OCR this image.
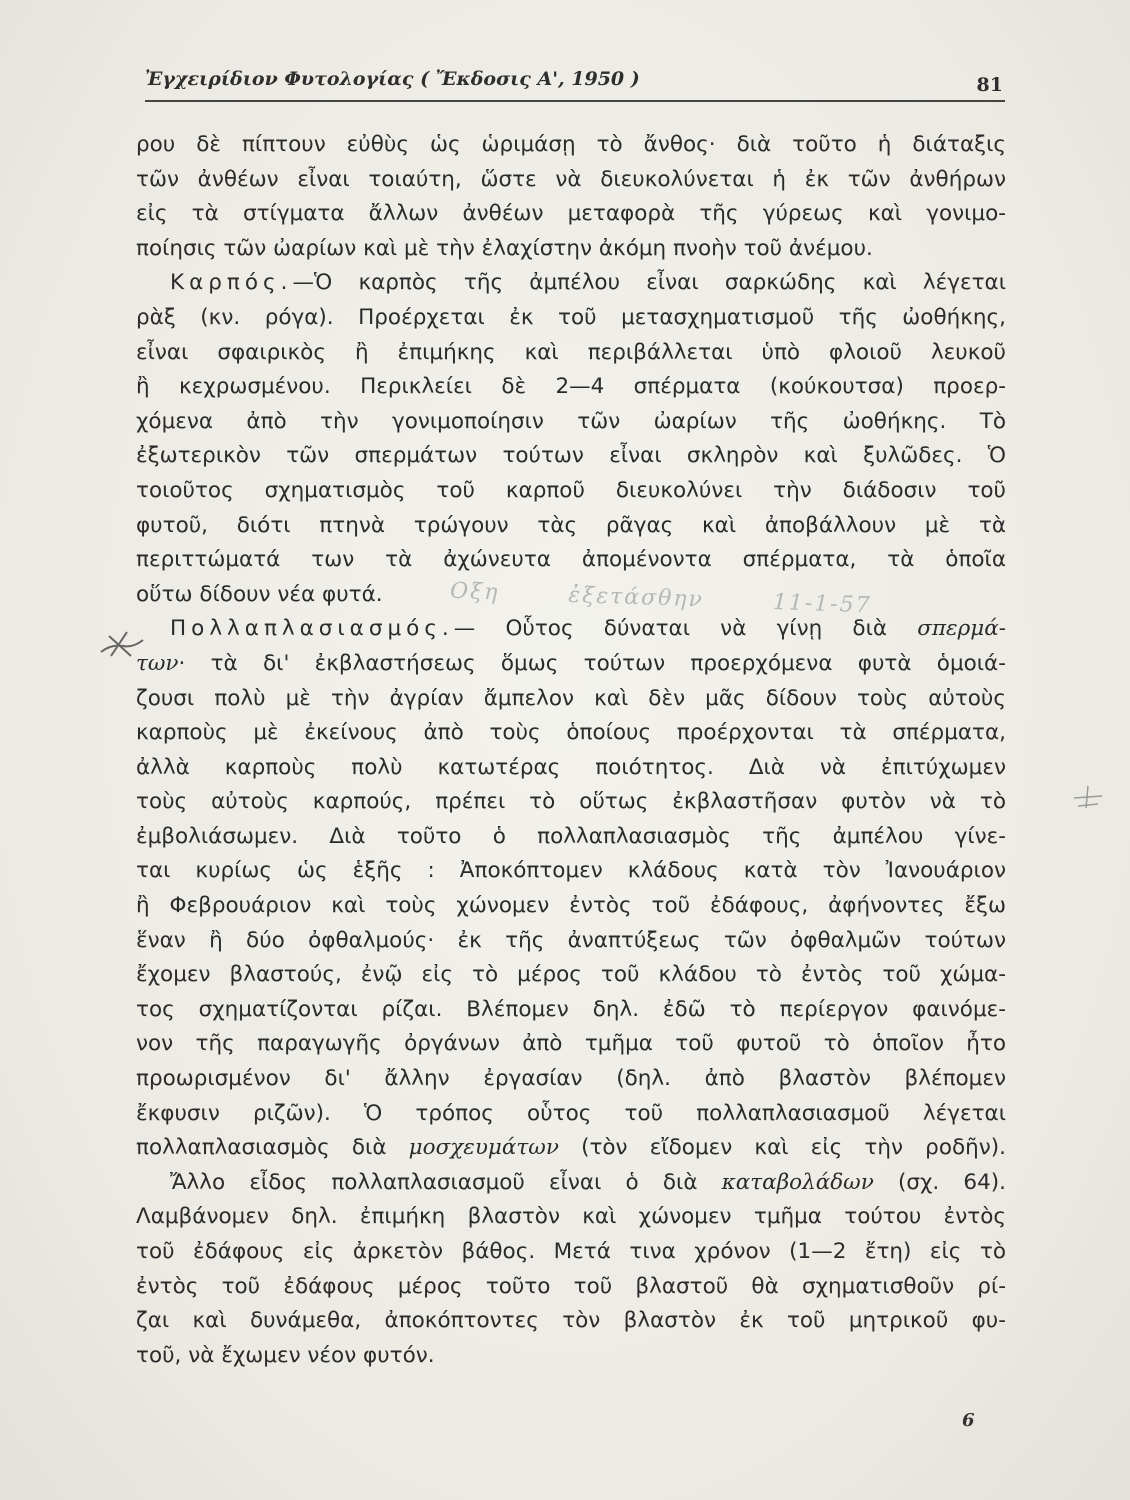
Ἐγχειρίδιον Φυτολογίας ( Ἔκδοσις Α', 1950 )	81
ρου δὲ πίπτουν εὐθὺς ὡς ὡριμάσῃ τὸ ἄνθος· διὰ τοῦτο ἡ διάταξις
τῶν ἀνθέων εἶναι τοιαύτη, ὥστε νὰ διευκολύνεται ἡ ἐκ τῶν ἀνθήρων
εἰς τὰ στίγματα ἄλλων ἀνθέων μεταφορὰ τῆς γύρεως καὶ γονιμο-
ποίησις τῶν ὠαρίων καὶ μὲ τὴν ἐλαχίστην ἀκόμη πνοὴν τοῦ ἀνέμου.
Καρπός.—Ὁ καρπὸς τῆς ἀμπέλου εἶναι σαρκώδης καὶ λέγεται
ρὰξ (κν. ρόγα). Προέρχεται ἐκ τοῦ μετασχηματισμοῦ τῆς ὠοθήκης,
εἶναι σφαιρικὸς ἢ ἐπιμήκης καὶ περιβάλλεται ὑπὸ φλοιοῦ λευκοῦ
ἢ κεχρωσμένου. Περικλείει δὲ 2—4 σπέρματα (κούκουτσα) προερ-
χόμενα ἀπὸ τὴν γονιμοποίησιν τῶν ὠαρίων τῆς ὠοθήκης. Τὸ
ἐξωτερικὸν τῶν σπερμάτων τούτων εἶναι σκληρὸν καὶ ξυλῶδες. Ὁ
τοιοῦτος σχηματισμὸς τοῦ καρποῦ διευκολύνει τὴν διάδοσιν τοῦ
φυτοῦ, διότι πτηνὰ τρώγουν τὰς ρᾶγας καὶ ἀποβάλλουν μὲ τὰ
περιττώματά των τὰ ἀχώνευτα ἀπομένοντα σπέρματα, τὰ ὁποῖα
οὕτω δίδουν νέα φυτά.
Πολλαπλασιασμός.— Οὗτος δύναται νὰ γίνῃ διὰ σπερμά-
των· τὰ δι' ἐκβλαστήσεως ὅμως τούτων προερχόμενα φυτὰ ὁμοιά-
ζουσι πολὺ μὲ τὴν ἀγρίαν ἄμπελον καὶ δὲν μᾶς δίδουν τοὺς αὐτοὺς
καρποὺς μὲ ἐκείνους ἀπὸ τοὺς ὁποίους προέρχονται τὰ σπέρματα,
ἀλλὰ καρποὺς πολὺ κατωτέρας ποιότητος. Διὰ νὰ ἐπιτύχωμεν
τοὺς αὐτοὺς καρπούς, πρέπει τὸ οὕτως ἐκβλαστῆσαν φυτὸν νὰ τὸ
ἐμβολιάσωμεν. Διὰ τοῦτο ὁ πολλαπλασιασμὸς τῆς ἀμπέλου γίνε-
ται κυρίως ὡς ἑξῆς : Ἀποκόπτομεν κλάδους κατὰ τὸν Ἰανουάριον
ἢ Φεβρουάριον καὶ τοὺς χώνομεν ἐντὸς τοῦ ἐδάφους, ἀφήνοντες ἔξω
ἕναν ἢ δύο ὀφθαλμούς· ἐκ τῆς ἀναπτύξεως τῶν ὀφθαλμῶν τούτων
ἔχομεν βλαστούς, ἐνῷ εἰς τὸ μέρος τοῦ κλάδου τὸ ἐντὸς τοῦ χώμα-
τος σχηματίζονται ρίζαι. Βλέπομεν δηλ. ἐδῶ τὸ περίεργον φαινόμε-
νον τῆς παραγωγῆς ὀργάνων ἀπὸ τμῆμα τοῦ φυτοῦ τὸ ὁποῖον ἦτο
προωρισμένον δι' ἄλλην ἐργασίαν (δηλ. ἀπὸ βλαστὸν βλέπομεν
ἔκφυσιν ριζῶν). Ὁ τρόπος οὗτος τοῦ πολλαπλασιασμοῦ λέγεται
πολλαπλασιασμὸς διὰ μοσχευμάτων (τὸν εἴδομεν καὶ εἰς τὴν ροδῆν).
Ἄλλο εἶδος πολλαπλασιασμοῦ εἶναι ὁ διὰ καταβολάδων (σχ. 64).
Λαμβάνομεν δηλ. ἐπιμήκη βλαστὸν καὶ χώνομεν τμῆμα τούτου ἐντὸς
τοῦ ἐδάφους εἰς ἀρκετὸν βάθος. Μετά τινα χρόνον (1—2 ἔτη) εἰς τὸ
ἐντὸς τοῦ ἐδάφους μέρος τοῦτο τοῦ βλαστοῦ θὰ σχηματισθοῦν ρί-
ζαι καὶ δυνάμεθα, ἀποκόπτοντες τὸν βλαστὸν ἐκ τοῦ μητρικοῦ φυ-
τοῦ, νὰ ἔχωμεν νέον φυτόν.
Οξη	ἐξετάσθην	11-1-57
6
